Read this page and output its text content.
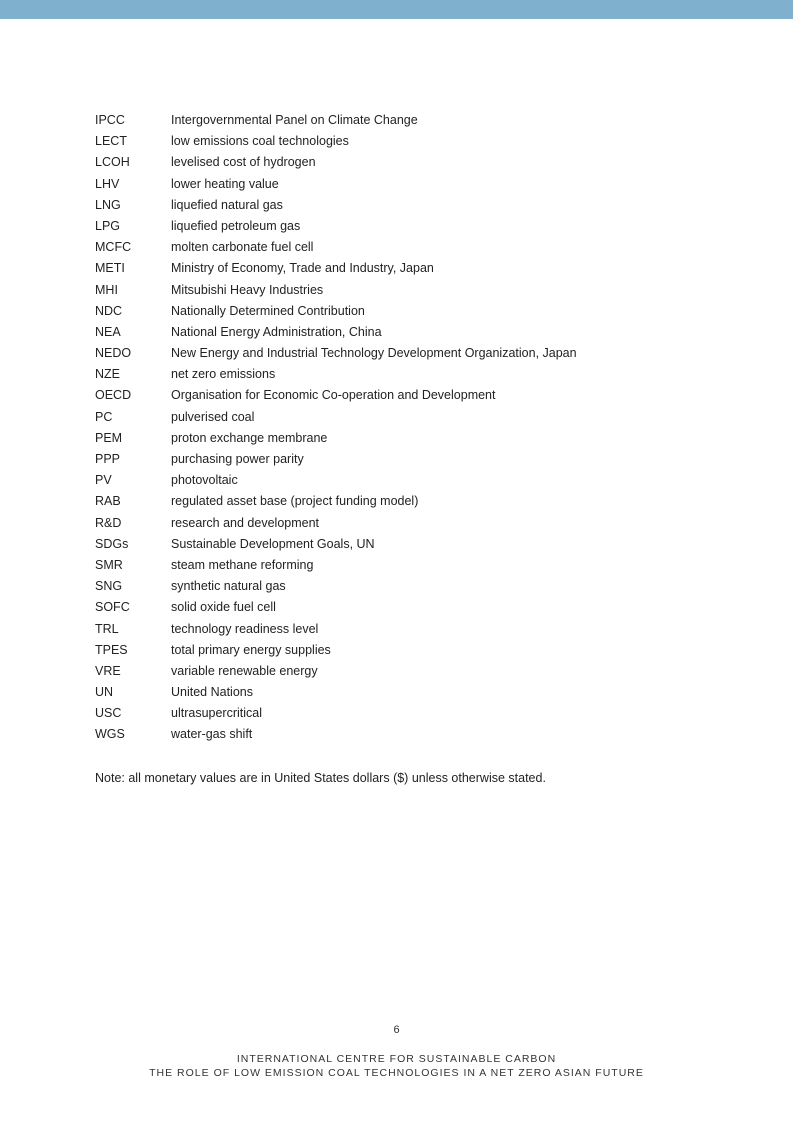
IPCC	Intergovernmental Panel on Climate Change
LECT	low emissions coal technologies
LCOH	levelised cost of hydrogen
LHV	lower heating value
LNG	liquefied natural gas
LPG	liquefied petroleum gas
MCFC	molten carbonate fuel cell
METI	Ministry of Economy, Trade and Industry, Japan
MHI	Mitsubishi Heavy Industries
NDC	Nationally Determined Contribution
NEA	National Energy Administration, China
NEDO	New Energy and Industrial Technology Development Organization, Japan
NZE	net zero emissions
OECD	Organisation for Economic Co-operation and Development
PC	pulverised coal
PEM	proton exchange membrane
PPP	purchasing power parity
PV	photovoltaic
RAB	regulated asset base (project funding model)
R&D	research and development
SDGs	Sustainable Development Goals, UN
SMR	steam methane reforming
SNG	synthetic natural gas
SOFC	solid oxide fuel cell
TRL	technology readiness level
TPES	total primary energy supplies
VRE	variable renewable energy
UN	United Nations
USC	ultrasupercritical
WGS	water-gas shift
Note: all monetary values are in United States dollars ($) unless otherwise stated.
6
INTERNATIONAL CENTRE FOR SUSTAINABLE CARBON
THE ROLE OF LOW EMISSION COAL TECHNOLOGIES IN A NET ZERO ASIAN FUTURE
